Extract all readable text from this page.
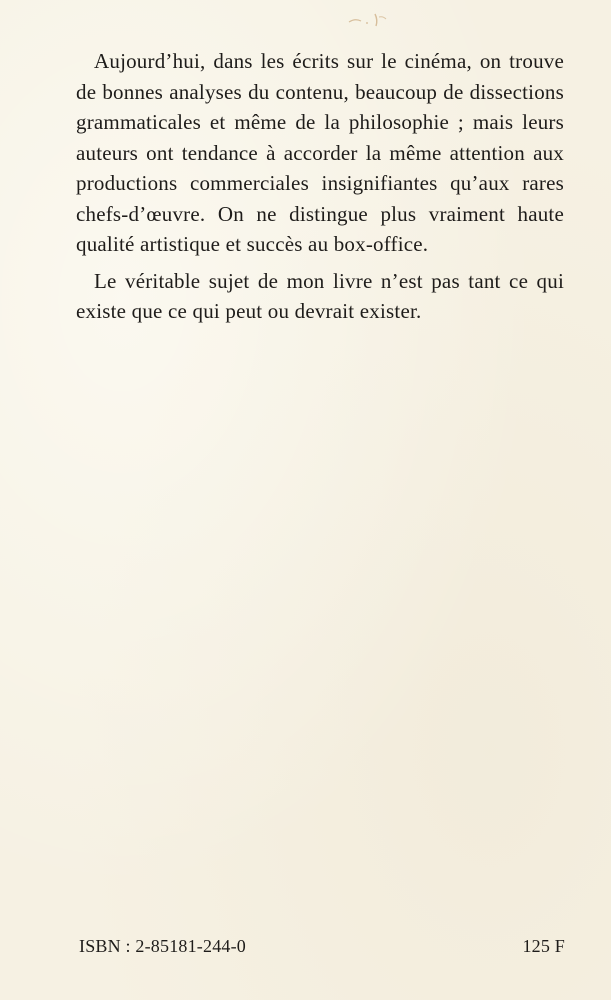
Aujourd’hui, dans les écrits sur le cinéma, on trouve de bonnes analyses du contenu, beaucoup de dissections grammaticales et même de la philosophie ; mais leurs auteurs ont tendance à accorder la même attention aux productions commerciales insignifiantes qu’aux rares chefs-d’œuvre. On ne distingue plus vraiment haute qualité artistique et succès au box-office.

Le véritable sujet de mon livre n’est pas tant ce qui existe que ce qui peut ou devrait exister.

ISBN : 2-85181-244-0	125 F
